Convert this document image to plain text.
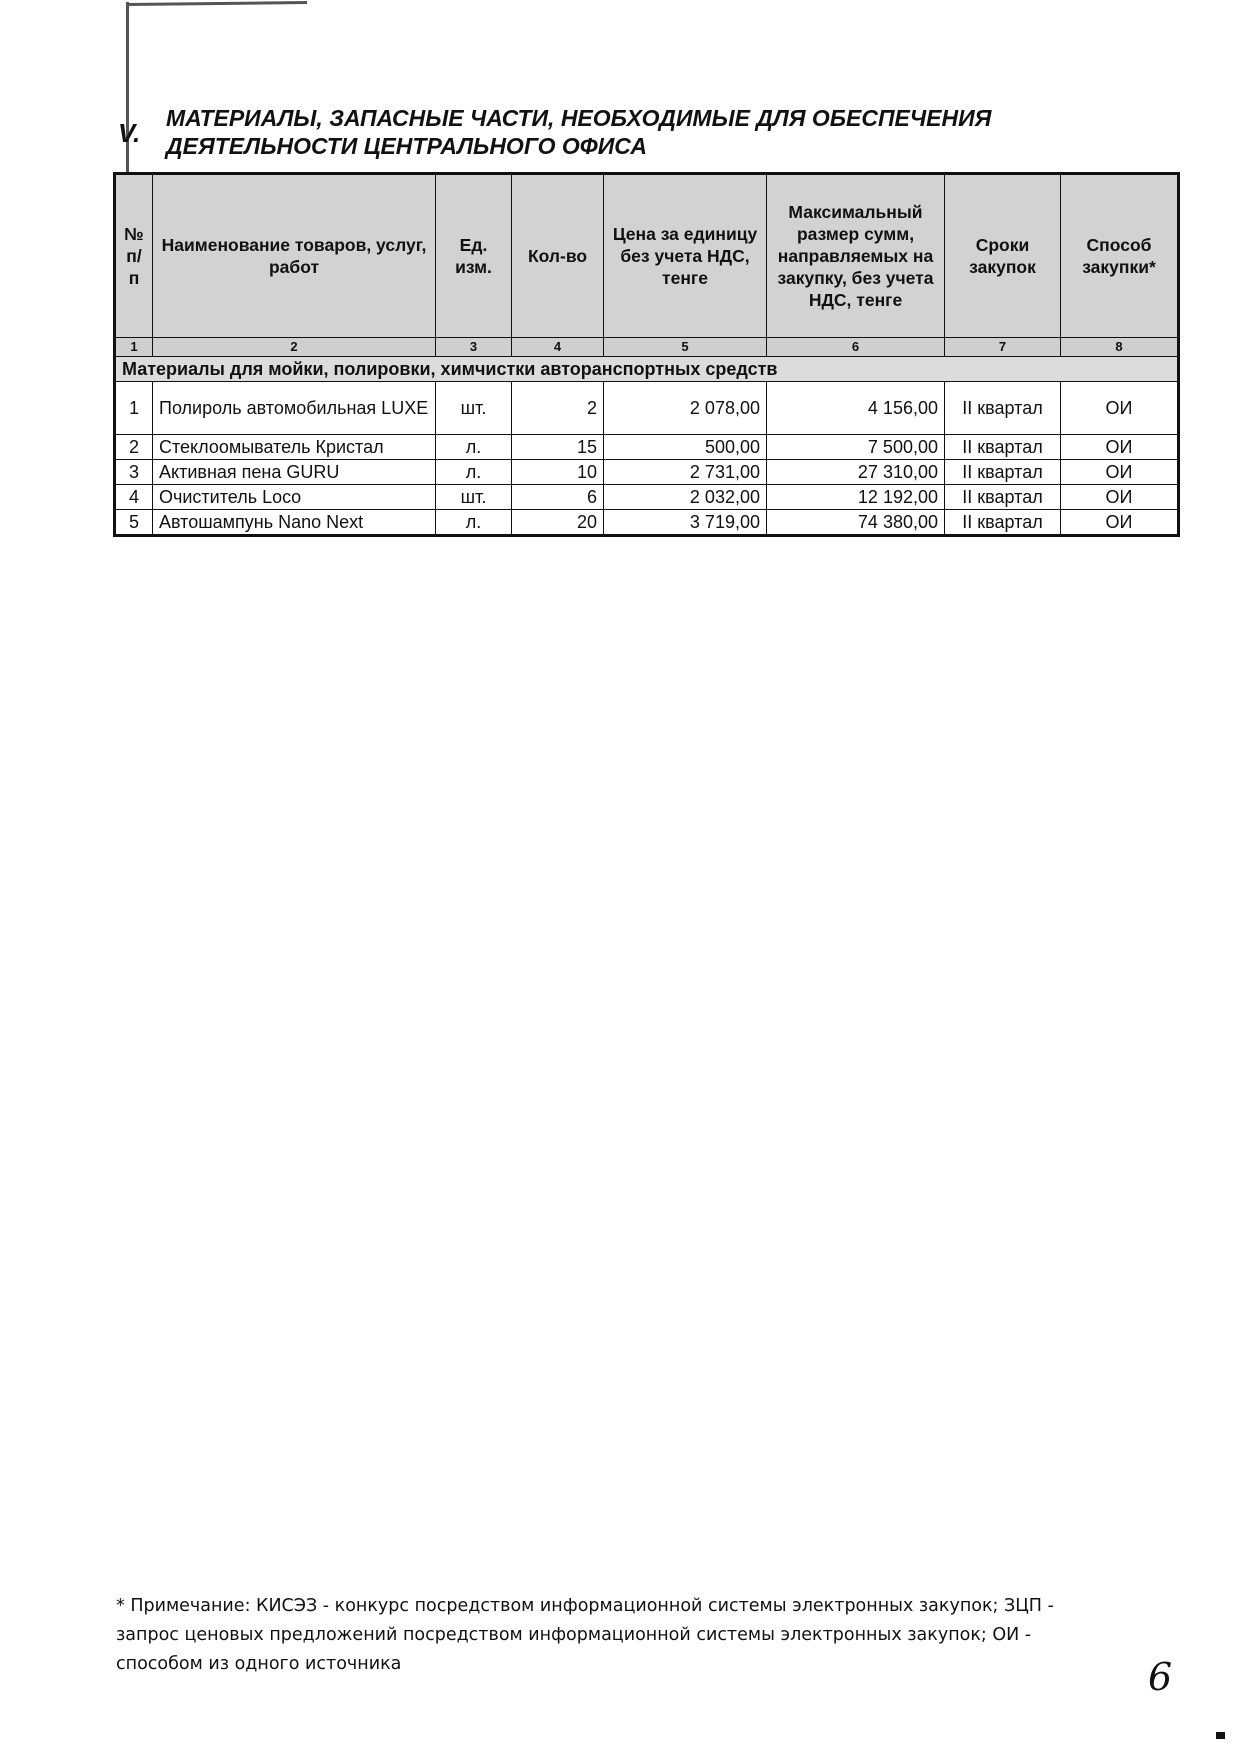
V. МАТЕРИАЛЫ, ЗАПАСНЫЕ ЧАСТИ, НЕОБХОДИМЫЕ ДЛЯ ОБЕСПЕЧЕНИЯ
ДЕЯТЕЛЬНОСТИ ЦЕНТРАЛЬНОГО ОФИСА
№ п/п	Наименование товаров, услуг, работ	Ед. изм.	Кол-во	Цена за единицу без учета НДС, тенге	Максимальный размер сумм, направляемых на закупку, без учета НДС, тенге	Сроки закупок	Способ закупки*
1	2	3	4	5	6	7	8
Материалы для мойки, полировки, химчистки авторанспортных средств							
1	Полироль автомобильная LUXE	шт.	2	2 078,00	4 156,00	II квартал	ОИ
2	Стеклоомыватель Кристал	л.	15	500,00	7 500,00	II квартал	ОИ
3	Активная пена GURU	л.	10	2 731,00	27 310,00	II квартал	ОИ
4	Очиститель Loco	шт.	6	2 032,00	12 192,00	II квартал	ОИ
5	Автошампунь Nano Next	л.	20	3 719,00	74 380,00	II квартал	ОИ

* Примечание: КИСЭЗ - конкурс посредством информационной системы электронных закупок; ЗЦП - запрос ценовых предложений посредством информационной системы электронных закупок; ОИ - способом из одного источника	6
